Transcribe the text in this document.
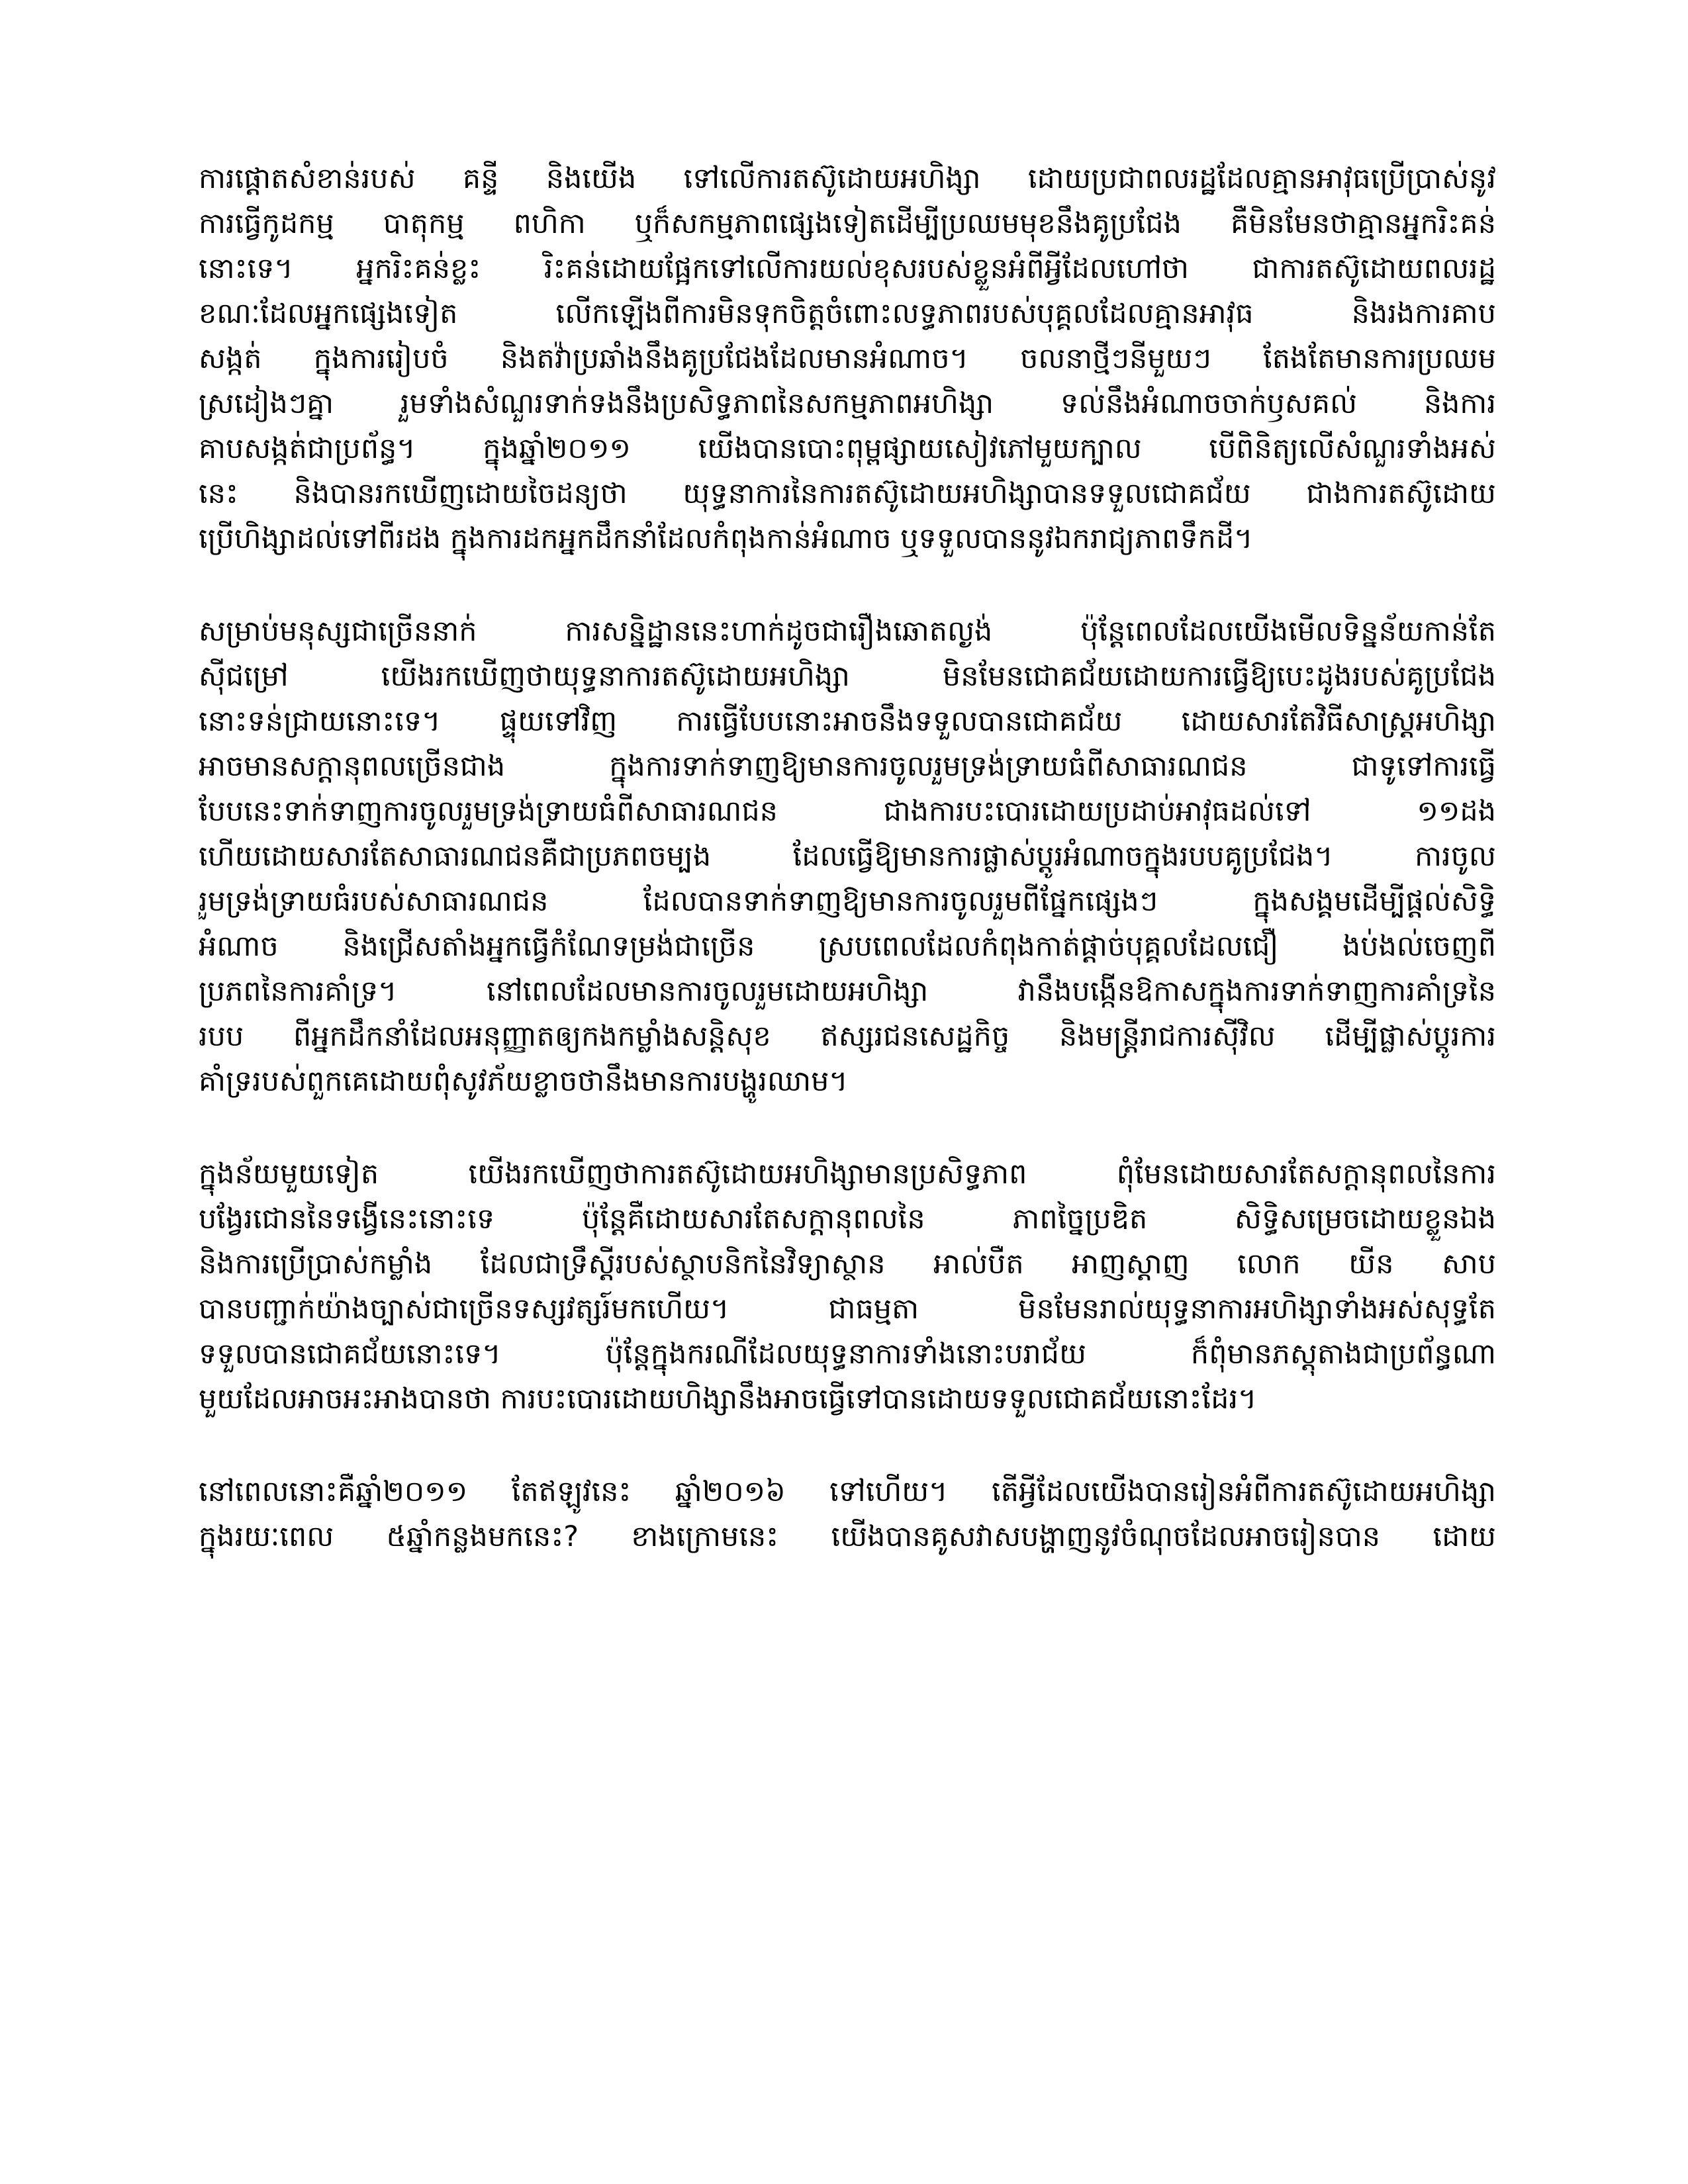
ការផ្តោតសំខាន់របស់ គន្ទី និងយើង ទៅលើការតស៊ូដោយអហិង្សា ដោយប្រជាពលរដ្ឋដែលគ្មានអាវុធប្រើប្រាស់នូវ
ការធ្វើកូដកម្ម បាតុកម្ម ពហិកា ឬក៏សកម្មភាពផ្សេងទៀតដើម្បីប្រឈមមុខនឹងគូប្រជែង គឺមិនមែនថាគ្មានអ្នករិះគន់
នោះទេ។ អ្នករិះគន់ខ្លះ រិះគន់ដោយផ្អែកទៅលើការយល់ខុសរបស់ខ្លួនអំពីអ្វីដែលហៅថា ជាការតស៊ូដោយពលរដ្ឋ
ខណៈដែលអ្នកផ្សេងទៀត លើកឡើងពីការមិនទុកចិត្តចំពោះលទ្ធភាពរបស់បុគ្គលដែលគ្មានអាវុធ និងរងការគាប
សង្កត់ ក្នុងការរៀបចំ និងតវ៉ាប្រឆាំងនឹងគូប្រជែងដែលមានអំណាច។ ចលនាថ្មីៗនីមួយៗ តែងតែមានការប្រឈម
ស្រដៀងៗគ្នា រួមទាំងសំណួរទាក់ទងនឹងប្រសិទ្ធភាពនៃសកម្មភាពអហិង្សា ទល់នឹងអំណាចចាក់ឫសគល់ និងការ
គាបសង្កត់ជាប្រព័ន្ធ។ ក្នុងឆ្នាំ២០១១ យើងបានបោះពុម្ពផ្សាយសៀវភៅមួយក្បាល បើពិនិត្យលើសំណួរទាំងអស់
នេះ និងបានរកឃើញដោយចៃដន្យថា យុទ្ធនាការនៃការតស៊ូដោយអហិង្សាបានទទួលជោគជ័យ ជាងការតស៊ូដោយ
ប្រើហិង្សាដល់ទៅពីរដង ក្នុងការដកអ្នកដឹកនាំដែលកំពុងកាន់អំណាច ឬទទួលបាននូវឯករាជ្យភាពទឹកដី។

សម្រាប់មនុស្សជាច្រើននាក់ ការសន្និដ្ឋាននេះហាក់ដូចជារឿងឆោតល្ងង់ ប៉ុន្តែពេលដែលយើងមើលទិន្នន័យកាន់តែ
ស៊ីជម្រៅ យើងរកឃើញថាយុទ្ធនាការតស៊ូដោយអហិង្សា មិនមែនជោគជ័យដោយការធ្វើឱ្យបេះដូងរបស់គូប្រជែង
នោះទន់ជ្រាយនោះទេ។ ផ្ទុយទៅវិញ ការធ្វើបែបនោះអាចនឹងទទួលបានជោគជ័យ ដោយសារតែវិធីសាស្ត្រអហិង្សា
អាចមានសក្តានុពលច្រើនជាង ក្នុងការទាក់ទាញឱ្យមានការចូលរួមទ្រង់ទ្រាយធំពីសាធារណជន ជាទូទៅការធ្វើ
បែបនេះទាក់ទាញការចូលរួមទ្រង់ទ្រាយធំពីសាធារណជន ជាងការបះបោរដោយប្រដាប់អាវុធដល់ទៅ ១១ដង
ហើយដោយសារតែសាធារណជនគឺជាប្រភពចម្បង ដែលធ្វើឱ្យមានការផ្លាស់ប្តូរអំណាចក្នុងរបបគូប្រជែង។ ការចូល
រួមទ្រង់ទ្រាយធំរបស់សាធារណជន ដែលបានទាក់ទាញឱ្យមានការចូលរួមពីផ្នែកផ្សេងៗ ក្នុងសង្គមដើម្បីផ្តល់សិទ្ធិ
អំណាច និងជ្រើសតាំងអ្នកធ្វើកំណែទម្រង់ជាច្រើន ស្របពេលដែលកំពុងកាត់ផ្តាច់បុគ្គលដែលជឿ ងប់ងល់ចេញពី
ប្រភពនៃការគាំទ្រ។ នៅពេលដែលមានការចូលរួមដោយអហិង្សា វានឹងបង្កើនឱកាសក្នុងការទាក់ទាញការគាំទ្រនៃ
របប ពីអ្នកដឹកនាំដែលអនុញ្ញាតឲ្យកងកម្លាំងសន្តិសុខ ឥស្សរជនសេដ្ឋកិច្ច និងមន្ត្រីរាជការស៊ីវិល ដើម្បីផ្លាស់ប្តូរការ
គាំទ្ររបស់ពួកគេដោយពុំសូវភ័យខ្លាចថានឹងមានការបង្ហូរឈាម។

ក្នុងន័យមួយទៀត យើងរកឃើញថាការតស៊ូដោយអហិង្សាមានប្រសិទ្ធភាព ពុំមែនដោយសារតែសក្តានុពលនៃការ
បង្វែរជោននៃទង្វើនេះនោះទេ ប៉ុន្តែគឺដោយសារតែសក្តានុពលនៃ ភាពច្នៃប្រឌិត សិទ្ធិសម្រេចដោយខ្លួនឯង
និងការប្រើប្រាស់កម្លាំង ដែលជាទ្រឹស្តីរបស់ស្ថាបនិកនៃវិទ្យាស្ថាន អាល់បឺត អាញស្តាញ លោក យីន សាប
បានបញ្ជាក់យ៉ាងច្បាស់ជាច្រើនទស្សវត្សរ៍មកហើយ។ ជាធម្មតា មិនមែនរាល់យុទ្ធនាការអហិង្សាទាំងអស់សុទ្ធតែ
ទទួលបានជោគជ័យនោះទេ។ ប៉ុន្តែក្នុងករណីដែលយុទ្ធនាការទាំងនោះបរាជ័យ ក៏ពុំមានភស្តុតាងជាប្រព័ន្ធណា
មួយដែលអាចអះអាងបានថា ការបះបោរដោយហិង្សានឹងអាចធ្វើទៅបានដោយទទួលជោគជ័យនោះដែរ។

នៅពេលនោះគឺឆ្នាំ២០១១ តែឥឡូវនេះ ឆ្នាំ២០១៦ ទៅហើយ។ តើអ្វីដែលយើងបានរៀនអំពីការតស៊ូដោយអហិង្សា
ក្នុងរយៈពេល ៥ឆ្នាំកន្លងមកនេះ? ខាងក្រោមនេះ យើងបានគូសវាសបង្ហាញនូវចំណុចដែលអាចរៀនបាន ដោយ
